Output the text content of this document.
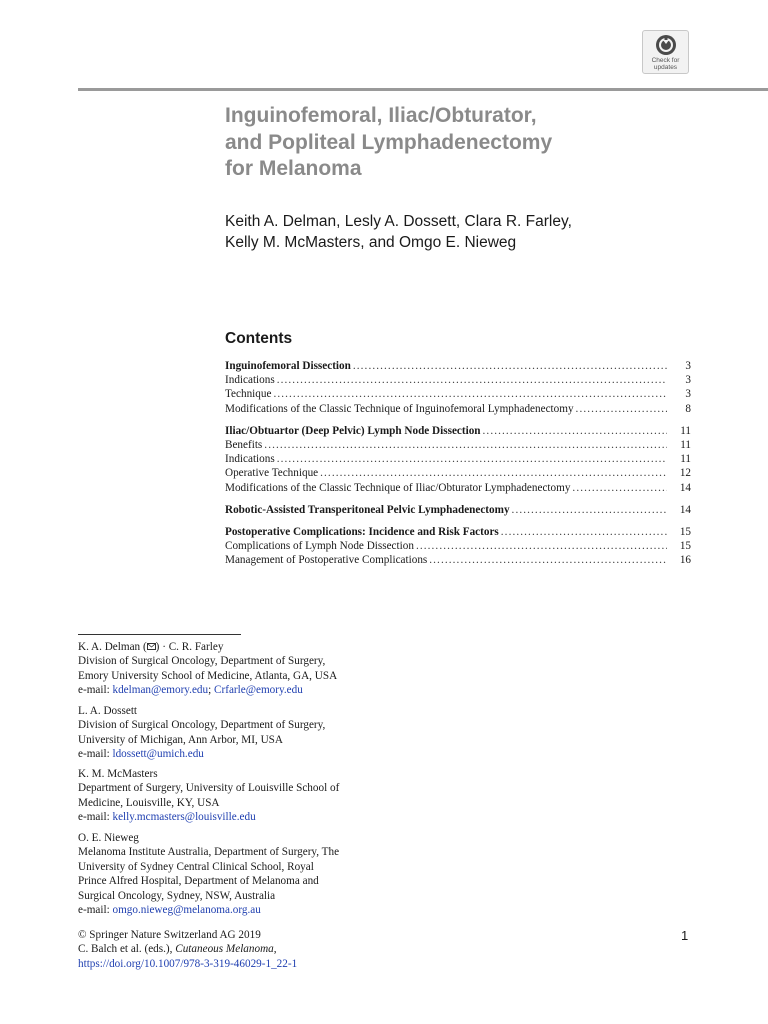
Check for
updates
Inguinofemoral, Iliac/Obturator,
and Popliteal Lymphadenectomy
for Melanoma
Keith A. Delman, Lesly A. Dossett, Clara R. Farley,
Kelly M. McMasters, and Omgo E. Nieweg
Contents
Inguinofemoral Dissection .....	3
Indications .....	3
Technique .....	3
Modifications of the Classic Technique of Inguinofemoral Lymphadenectomy .....	8
Iliac/Obtuartor (Deep Pelvic) Lymph Node Dissection .....	11
Benefits .....	11
Indications .....	11
Operative Technique .....	12
Modifications of the Classic Technique of Iliac/Obturator Lymphadenectomy .....	14
Robotic-Assisted Transperitoneal Pelvic Lymphadenectomy .....	14
Postoperative Complications: Incidence and Risk Factors .....	15
Complications of Lymph Node Dissection .....	15
Management of Postoperative Complications .....	16
K. A. Delman ( ) · C. R. Farley
Division of Surgical Oncology, Department of Surgery,
Emory University School of Medicine, Atlanta, GA, USA
e-mail: kdelman@emory.edu; Crfarle@emory.edu
L. A. Dossett
Division of Surgical Oncology, Department of Surgery,
University of Michigan, Ann Arbor, MI, USA
e-mail: ldossett@umich.edu
K. M. McMasters
Department of Surgery, University of Louisville School of
Medicine, Louisville, KY, USA
e-mail: kelly.mcmasters@louisville.edu
O. E. Nieweg
Melanoma Institute Australia, Department of Surgery, The
University of Sydney Central Clinical School, Royal
Prince Alfred Hospital, Department of Melanoma and
Surgical Oncology, Sydney, NSW, Australia
e-mail: omgo.nieweg@melanoma.org.au
© Springer Nature Switzerland AG 2019
C. Balch et al. (eds.), Cutaneous Melanoma,
https://doi.org/10.1007/978-3-319-46029-1_22-1
1
